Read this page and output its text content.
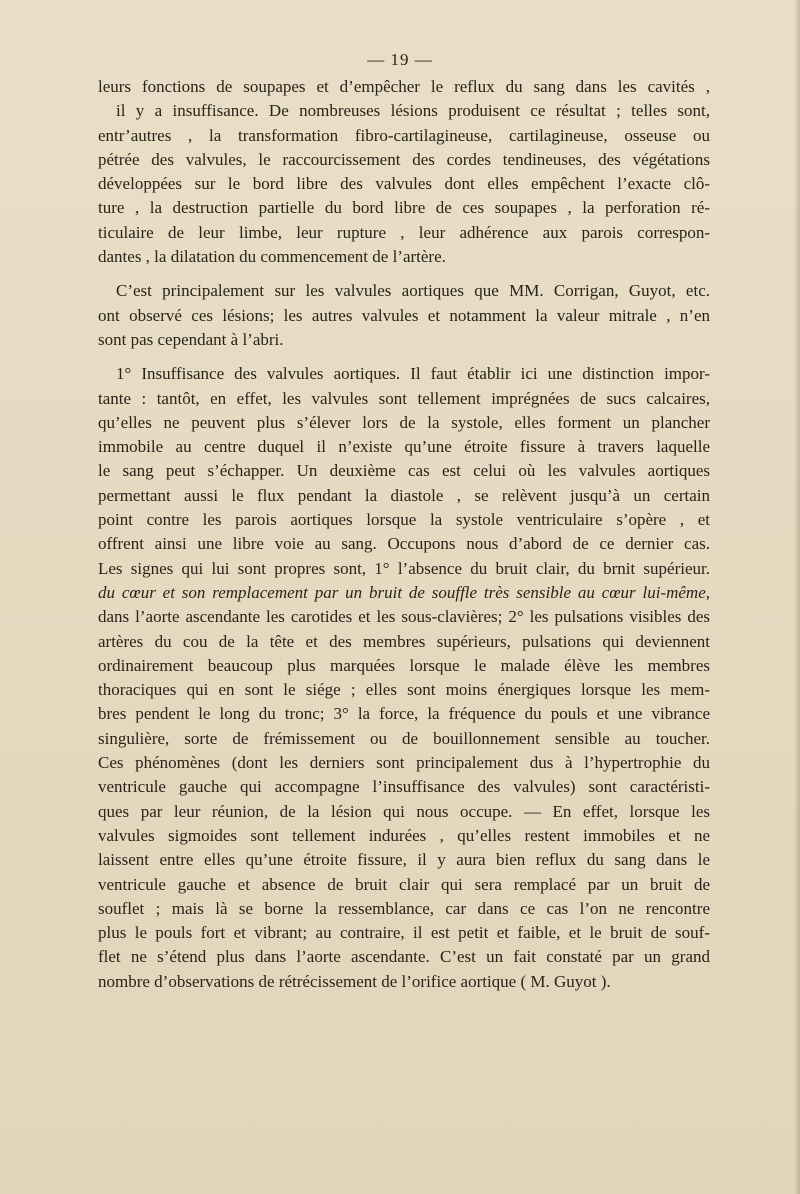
— 19 —
leurs fonctions de soupapes et d’empêcher le reflux du sang dans les cavités ,
il y a insuffisance. De nombreuses lésions produisent ce résultat ; telles sont,
entr’autres , la transformation fibro-cartilagineuse, cartilagineuse, osseuse ou
pétrée des valvules, le raccourcissement des cordes tendineuses, des végétations
développées sur le bord libre des valvules dont elles empêchent l’exacte clô-
ture , la destruction partielle du bord libre de ces soupapes , la perforation ré-
ticulaire de leur limbe, leur rupture , leur adhérence aux parois correspon-
dantes , la dilatation du commencement de l’artère.
C’est principalement sur les valvules aortiques que MM. Corrigan, Guyot, etc.
ont observé ces lésions; les autres valvules et notamment la valeur mitrale , n’en
sont pas cependant à l’abri.
1° Insuffisance des valvules aortiques. Il faut établir ici une distinction impor-
tante : tantôt, en effet, les valvules sont tellement imprégnées de sucs calcaires,
qu’elles ne peuvent plus s’élever lors de la systole, elles forment un plancher
immobile au centre duquel il n’existe qu’une étroite fissure à travers laquelle
le sang peut s’échapper. Un deuxième cas est celui où les valvules aortiques
permettant aussi le flux pendant la diastole , se relèvent jusqu’à un certain
point contre les parois aortiques lorsque la systole ventriculaire s’opère , et
offrent ainsi une libre voie au sang. Occupons nous d’abord de ce dernier cas.
Les signes qui lui sont propres sont, 1° l’absence du bruit clair, du brnit supérieur.
du cœur et son remplacement par un bruit de souffle très sensible au cœur lui-même,
dans l’aorte ascendante les carotides et les sous-clavières; 2° les pulsations visibles des
artères du cou de la tête et des membres supérieurs, pulsations qui deviennent
ordinairement beaucoup plus marquées lorsque le malade élève les membres
thoraciques qui en sont le siége ; elles sont moins énergiques lorsque les mem-
bres pendent le long du tronc; 3° la force, la fréquence du pouls et une vibrance
singulière, sorte de frémissement ou de bouillonnement sensible au toucher.
Ces phénomènes (dont les derniers sont principalement dus à l’hypertrophie du
ventricule gauche qui accompagne l’insuffisance des valvules) sont caractéristi-
ques par leur réunion, de la lésion qui nous occupe. — En effet, lorsque les
valvules sigmoides sont tellement indurées , qu’elles restent immobiles et ne
laissent entre elles qu’une étroite fissure, il y aura bien reflux du sang dans le
ventricule gauche et absence de bruit clair qui sera remplacé par un bruit de
souflet ; mais là se borne la ressemblance, car dans ce cas l’on ne rencontre
plus le pouls fort et vibrant; au contraire, il est petit et faible, et le bruit de souf-
flet ne s’étend plus dans l’aorte ascendante. C’est un fait constaté par un grand
nombre d’observations de rétrécissement de l’orifice aortique ( M. Guyot ).
